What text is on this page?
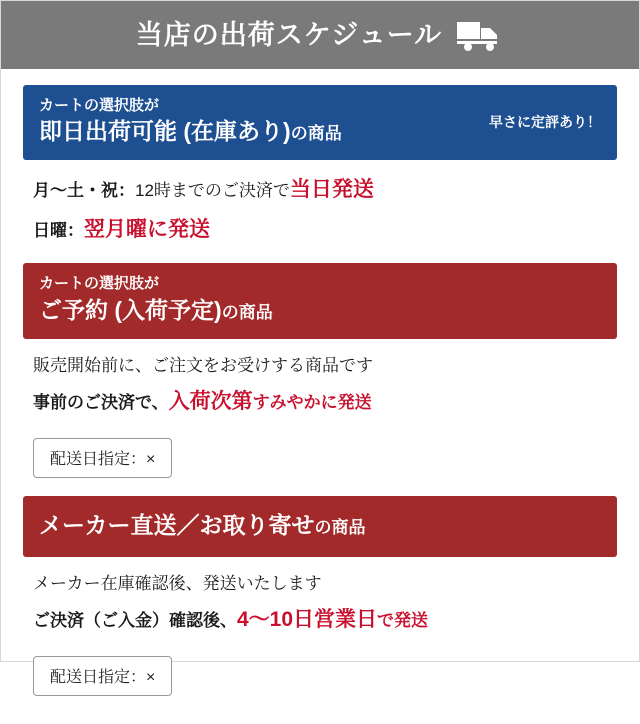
当店の出荷スケジュール
カートの選択肢が
即日出荷可能 (在庫あり)の商品
早さに定評あり！

月～土・祝：12時までのご決済で当日発送

日曜：翌月曜に発送

カートの選択肢が
ご予約 (入荷予定)の商品

販売開始前に、ご注文をお受けする商品です

事前のご決済で、入荷次第すみやかに発送

配送日指定：×
メーカー直送／お取り寄せの商品

メーカー在庫確認後、発送いたします

ご決済（ご入金）確認後、4～10日営業日で発送

配送日指定：×
